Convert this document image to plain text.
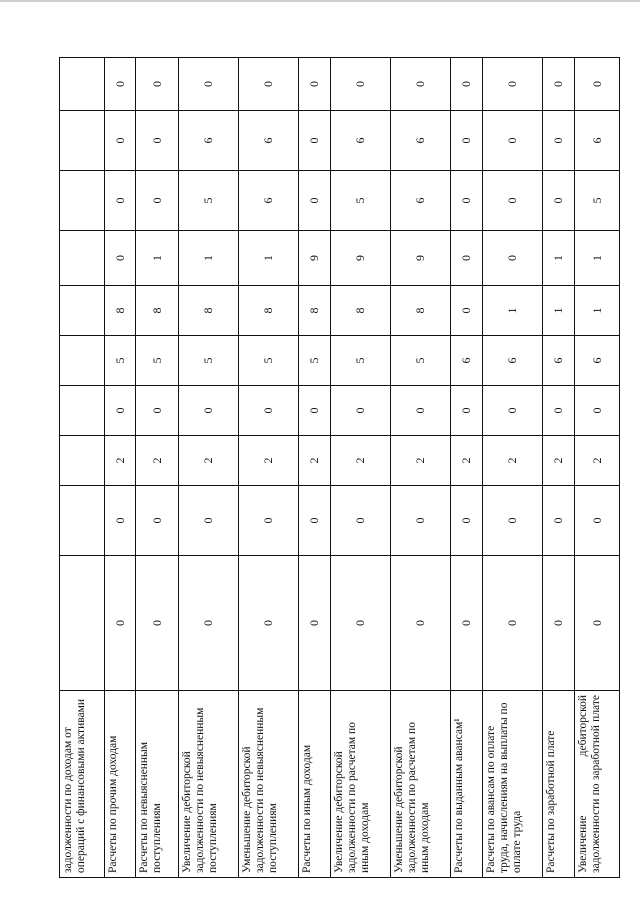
задолженности по доходам от операций с финансовыми активами										
Расчеты по прочим доходам	0	0	2	0	5	8	0	0	0	0
Расчеты по невыясненным поступлениям	0	0	2	0	5	8	1	0	0	0
Увеличение дебиторской задолженности по невыясненным поступлениям	0	0	2	0	5	8	1	5	6	0
Уменьшение дебиторской задолженности по невыясненным поступлениям	0	0	2	0	5	8	1	6	6	0
Расчеты по иным доходам	0	0	2	0	5	8	9	0	0	0
Увеличение дебиторской задолженности по расчетам по иным доходам	0	0	2	0	5	8	9	5	6	0
Уменьшение дебиторской задолженности по расчетам по иным доходам	0	0	2	0	5	8	9	6	6	0
Расчеты по выданным авансам¹	0	0	2	0	6	0	0	0	0	0
Расчеты по авансам по оплате труда, начислениям на выплаты по оплате труда	0	0	2	0	6	1	0	0	0	0
Расчеты по заработной плате	0	0	2	0	6	1	1	0	0	0
Увеличение дебиторской задолженности по заработной плате	0	0	2	0	6	1	1	5	6	0
